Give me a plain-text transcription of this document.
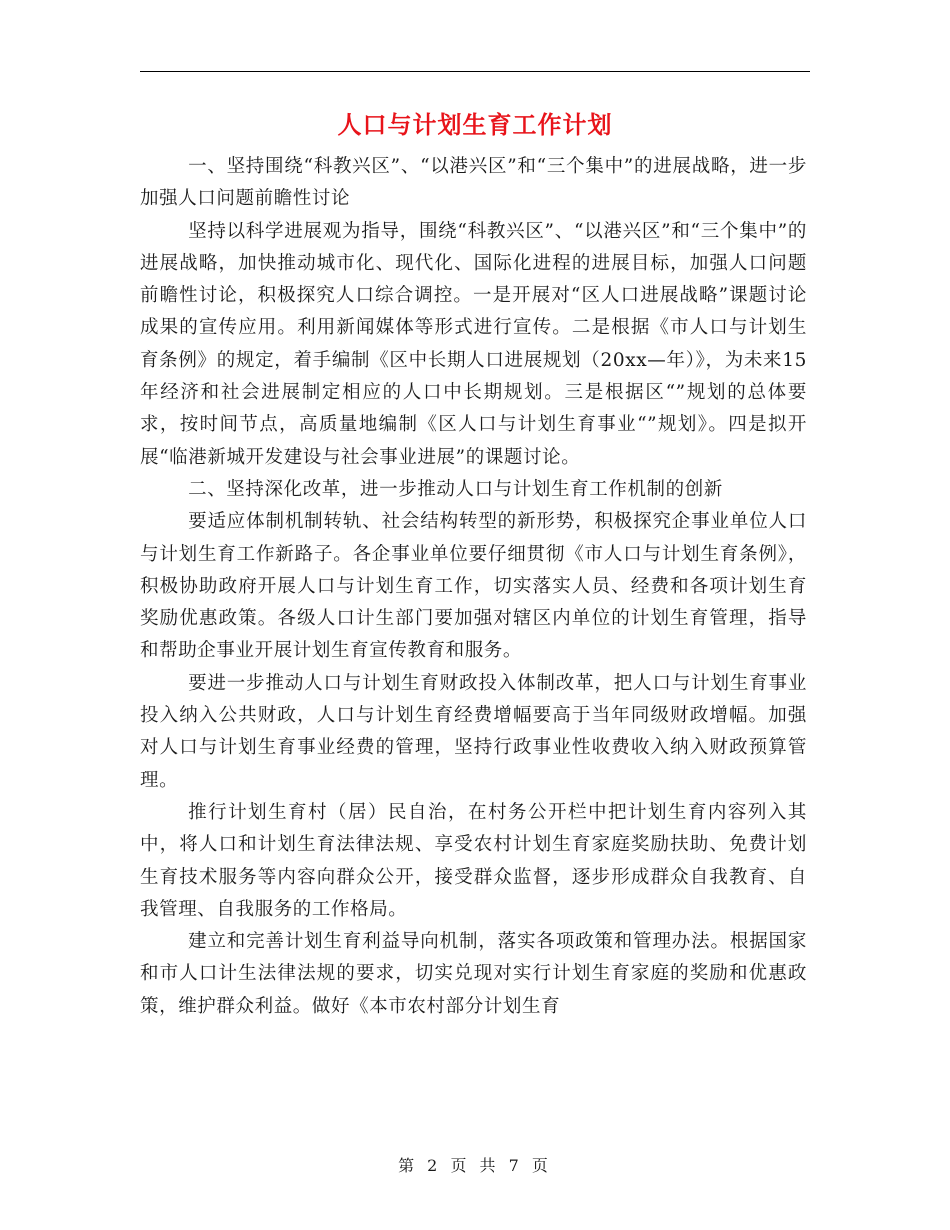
人口与计划生育工作计划

一、坚持围绕“科教兴区”、“以港兴区”和“三个集中”的进展战略，进一步加强人口问题前瞻性讨论

坚持以科学进展观为指导，围绕“科教兴区”、“以港兴区”和“三个集中”的进展战略，加快推动城市化、现代化、国际化进程的进展目标，加强人口问题前瞻性讨论，积极探究人口综合调控。一是开展对“区人口进展战略”课题讨论成果的宣传应用。利用新闻媒体等形式进行宣传。二是根据《市人口与计划生育条例》的规定，着手编制《区中长期人口进展规划（20xx—年）》，为未来15年经济和社会进展制定相应的人口中长期规划。三是根据区“”规划的总体要求，按时间节点，高质量地编制《区人口与计划生育事业“”规划》。四是拟开展“临港新城开发建设与社会事业进展”的课题讨论。

二、坚持深化改革，进一步推动人口与计划生育工作机制的创新

要适应体制机制转轨、社会结构转型的新形势，积极探究企事业单位人口与计划生育工作新路子。各企事业单位要仔细贯彻《市人口与计划生育条例》，积极协助政府开展人口与计划生育工作，切实落实人员、经费和各项计划生育奖励优惠政策。各级人口计生部门要加强对辖区内单位的计划生育管理，指导和帮助企事业开展计划生育宣传教育和服务。

要进一步推动人口与计划生育财政投入体制改革，把人口与计划生育事业投入纳入公共财政，人口与计划生育经费增幅要高于当年同级财政增幅。加强对人口与计划生育事业经费的管理，坚持行政事业性收费收入纳入财政预算管理。

推行计划生育村（居）民自治，在村务公开栏中把计划生育内容列入其中，将人口和计划生育法律法规、享受农村计划生育家庭奖励扶助、免费计划生育技术服务等内容向群众公开，接受群众监督，逐步形成群众自我教育、自我管理、自我服务的工作格局。

建立和完善计划生育利益导向机制，落实各项政策和管理办法。根据国家和市人口计生法律法规的要求，切实兑现对实行计划生育家庭的奖励和优惠政策，维护群众利益。做好《本市农村部分计划生育

第 2 页 共 7 页
